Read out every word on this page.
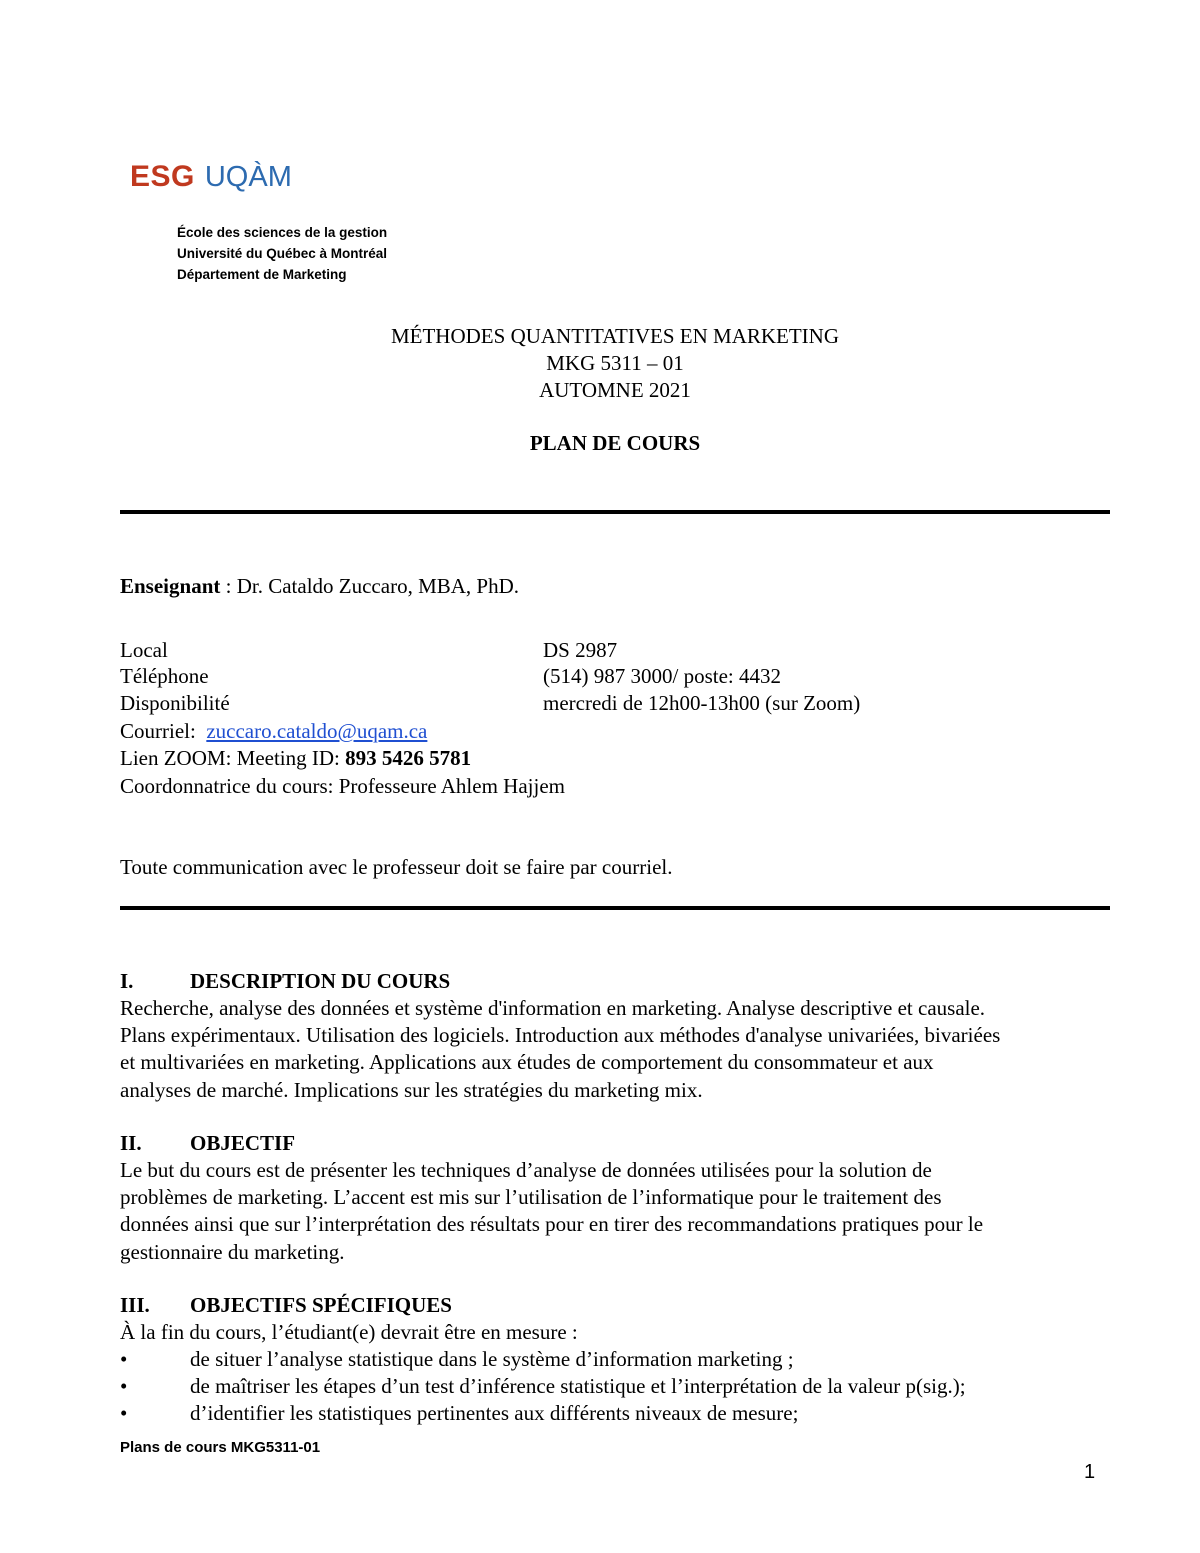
ESG UQÀM
École des sciences de la gestion
Université du Québec à Montréal
Département de Marketing
MÉTHODES QUANTITATIVES EN MARKETING
MKG 5311 – 01
AUTOMNE 2021
PLAN DE COURS
Enseignant : Dr. Cataldo Zuccaro, MBA, PhD.
Local	DS 2987
Téléphone	(514) 987 3000/ poste: 4432
Disponibilité	mercredi de 12h00-13h00 (sur Zoom)
Courriel: zuccaro.cataldo@uqam.ca
Lien ZOOM: Meeting ID: 893 5426 5781
Coordonnatrice du cours: Professeure Ahlem Hajjem
Toute communication avec le professeur doit se faire par courriel.
I.	DESCRIPTION DU COURS
Recherche, analyse des données et système d'information en marketing. Analyse descriptive et causale.
Plans expérimentaux. Utilisation des logiciels. Introduction aux méthodes d'analyse univariées, bivariées
et multivariées en marketing. Applications aux études de comportement du consommateur et aux
analyses de marché. Implications sur les stratégies du marketing mix.
II. OBJECTIF
Le but du cours est de présenter les techniques d’analyse de données utilisées pour la solution de
problèmes de marketing. L’accent est mis sur l’utilisation de l’informatique pour le traitement des
données ainsi que sur l’interprétation des résultats pour en tirer des recommandations pratiques pour le
gestionnaire du marketing.
III. OBJECTIFS SPÉCIFIQUES
À la fin du cours, l’étudiant(e) devrait être en mesure :
•	de situer l’analyse statistique dans le système d’information marketing ;
•	de maîtriser les étapes d’un test d’inférence statistique et l’interprétation de la valeur p(sig.);
•	d’identifier les statistiques pertinentes aux différents niveaux de mesure;
Plans de cours MKG5311-01
1
